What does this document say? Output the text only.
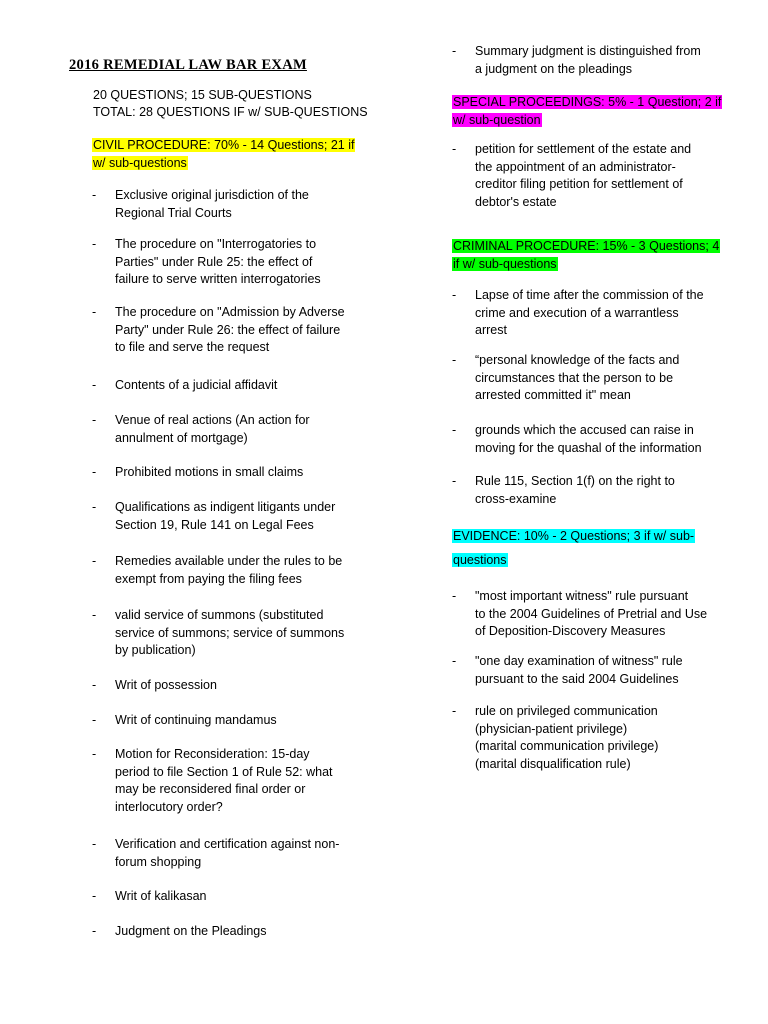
2016 REMEDIAL LAW BAR EXAM
20 QUESTIONS; 15 SUB-QUESTIONS
TOTAL: 28 QUESTIONS IF w/ SUB-QUESTIONS
CIVIL PROCEDURE: 70% - 14 Questions; 21 if
w/ sub-questions
SPECIAL PROCEEDINGS: 5% - 1 Question; 2 if
w/ sub-question
CRIMINAL PROCEDURE: 15% - 3 Questions; 4
if w/ sub-questions
EVIDENCE: 10% - 2 Questions; 3 if w/ sub-
questions
- Exclusive original jurisdiction of the
Regional Trial Courts
- The procedure on "Interrogatories to
Parties" under Rule 25: the effect of
failure to serve written interrogatories
- The procedure on "Admission by Adverse
Party" under Rule 26: the effect of failure
to file and serve the request
- Contents of a judicial affidavit
- Venue of real actions (An action for
annulment of mortgage)
- Prohibited motions in small claims
- Qualifications as indigent litigants under
Section 19, Rule 141 on Legal Fees
- Remedies available under the rules to be
exempt from paying the filing fees
- valid service of summons (substituted
service of summons; service of summons
by publication)
- Writ of possession
- Writ of continuing mandamus
- Motion for Reconsideration: 15-day
period to file Section 1 of Rule 52: what
may be reconsidered final order or
interlocutory order?
- Verification and certification against non-
forum shopping
- Writ of kalikasan
- Judgment on the Pleadings
- Summary judgment is distinguished from
a judgment on the pleadings
- petition for settlement of the estate and
the appointment of an administrator-
creditor filing petition for settlement of
debtor's estate
- Lapse of time after the commission of the
crime and execution of a warrantless
arrest
- “personal knowledge of the facts and
circumstances that the person to be
arrested committed it" mean
- grounds which the accused can raise in
moving for the quashal of the information
- Rule 115, Section 1(f) on the right to
cross-examine
- "most important witness" rule pursuant
to the 2004 Guidelines of Pretrial and Use
of Deposition-Discovery Measures
- "one day examination of witness" rule
pursuant to the said 2004 Guidelines
- rule on privileged communication
(physician-patient privilege)
(marital communication privilege)
(marital disqualification rule)
